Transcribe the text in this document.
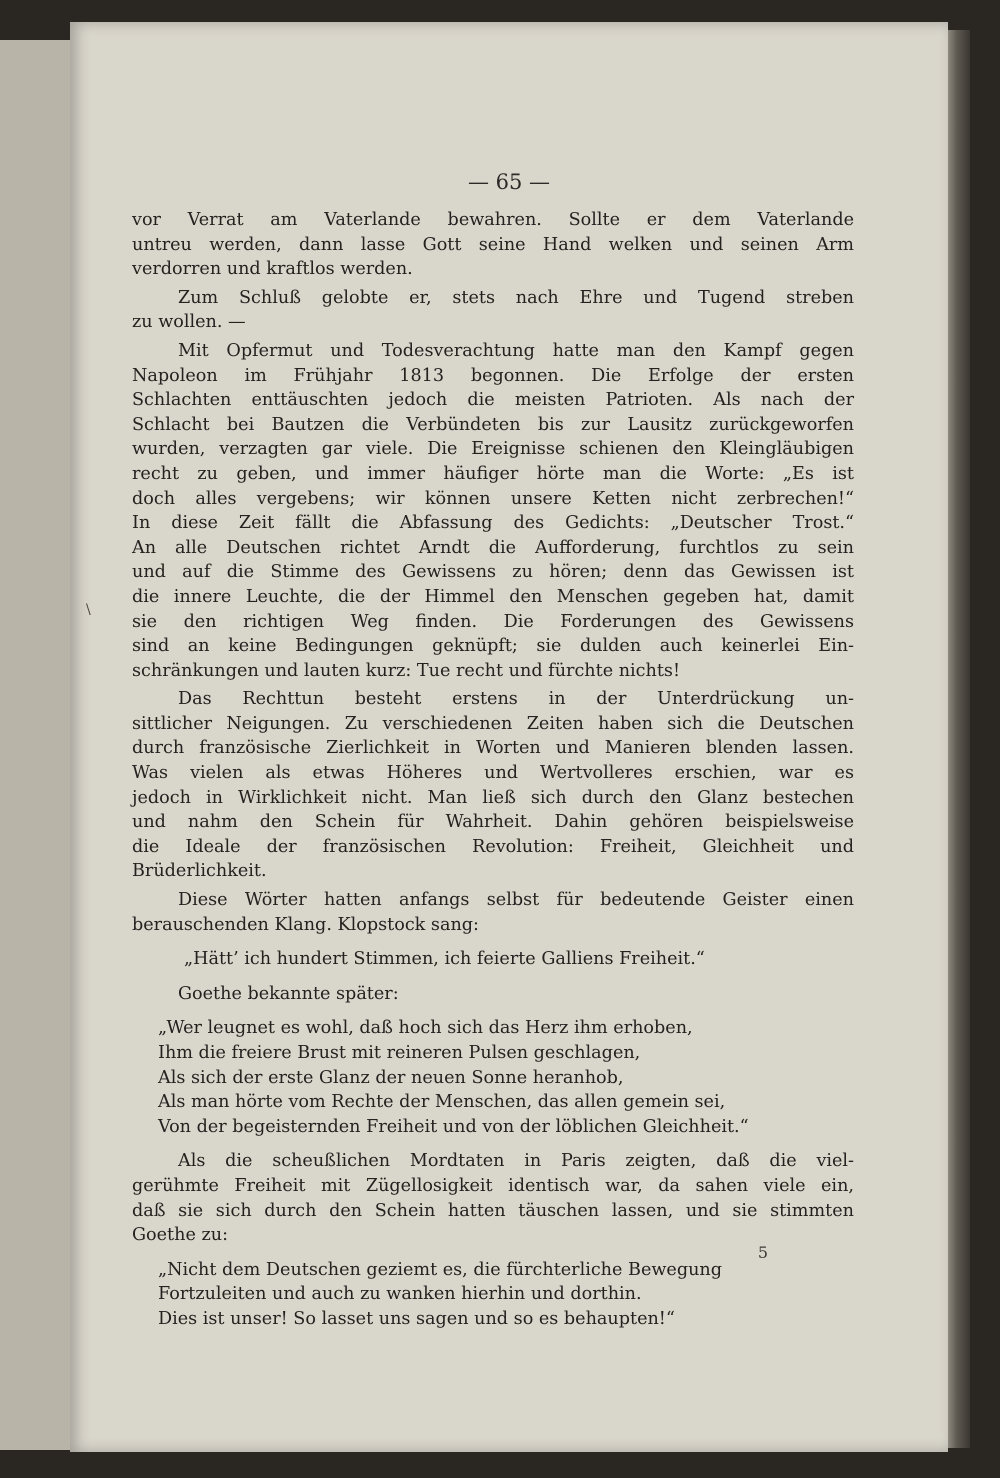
— 65 —
vor Verrat am Vaterlande bewahren. Sollte er dem Vaterlande
untreu werden, dann lasse Gott seine Hand welken und seinen Arm
verdorren und kraftlos werden.
Zum Schluß gelobte er, stets nach Ehre und Tugend streben
zu wollen. —
Mit Opfermut und Todesverachtung hatte man den Kampf gegen
Napoleon im Frühjahr 1813 begonnen. Die Erfolge der ersten
Schlachten enttäuschten jedoch die meisten Patrioten. Als nach der
Schlacht bei Bautzen die Verbündeten bis zur Lausitz zurückgeworfen
wurden, verzagten gar viele. Die Ereignisse schienen den Kleingläubigen
recht zu geben, und immer häufiger hörte man die Worte: „Es ist
doch alles vergebens; wir können unsere Ketten nicht zerbrechen!“
In diese Zeit fällt die Abfassung des Gedichts: „Deutscher Trost.“
An alle Deutschen richtet Arndt die Aufforderung, furchtlos zu sein
und auf die Stimme des Gewissens zu hören; denn das Gewissen ist
die innere Leuchte, die der Himmel den Menschen gegeben hat, damit
sie den richtigen Weg finden. Die Forderungen des Gewissens
sind an keine Bedingungen geknüpft; sie dulden auch keinerlei Ein-
schränkungen und lauten kurz: Tue recht und fürchte nichts!
Das Rechttun besteht erstens in der Unterdrückung un-
sittlicher Neigungen. Zu verschiedenen Zeiten haben sich die Deutschen
durch französische Zierlichkeit in Worten und Manieren blenden lassen.
Was vielen als etwas Höheres und Wertvolleres erschien, war es
jedoch in Wirklichkeit nicht. Man ließ sich durch den Glanz bestechen
und nahm den Schein für Wahrheit. Dahin gehören beispielsweise
die Ideale der französischen Revolution: Freiheit, Gleichheit und
Brüderlichkeit.
Diese Wörter hatten anfangs selbst für bedeutende Geister einen
berauschenden Klang. Klopstock sang:
„Hätt’ ich hundert Stimmen, ich feierte Galliens Freiheit.“
Goethe bekannte später:
„Wer leugnet es wohl, daß hoch sich das Herz ihm erhoben,
Ihm die freiere Brust mit reineren Pulsen geschlagen,
Als sich der erste Glanz der neuen Sonne heranhob,
Als man hörte vom Rechte der Menschen, das allen gemein sei,
Von der begeisternden Freiheit und von der löblichen Gleichheit.“
Als die scheußlichen Mordtaten in Paris zeigten, daß die viel-
gerühmte Freiheit mit Zügellosigkeit identisch war, da sahen viele ein,
daß sie sich durch den Schein hatten täuschen lassen, und sie stimmten
Goethe zu:
„Nicht dem Deutschen geziemt es, die fürchterliche Bewegung
Fortzuleiten und auch zu wanken hierhin und dorthin.
Dies ist unser! So lasset uns sagen und so es behaupten!“
5
\
